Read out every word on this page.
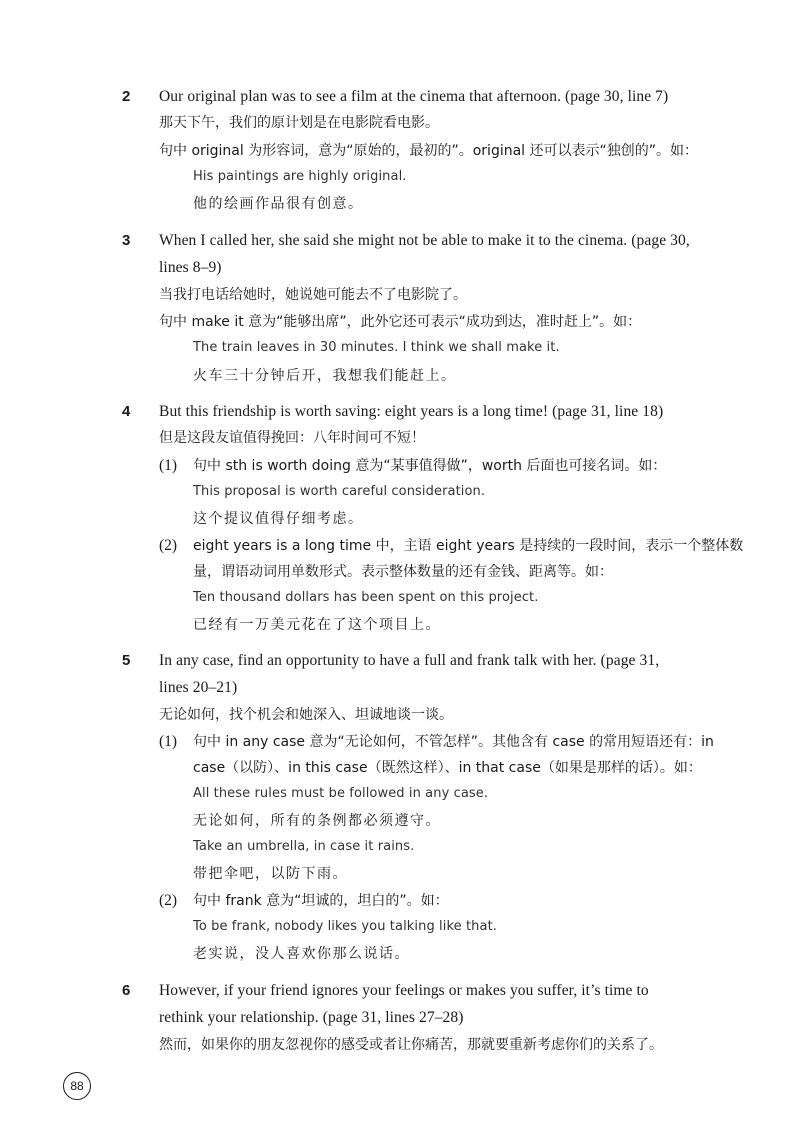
2	Our original plan was to see a film at the cinema that afternoon. (page 30, line 7)
那天下午，我们的原计划是在电影院看电影。
句中 original 为形容词，意为“原始的，最初的”。original 还可以表示“独创的”。如：
His paintings are highly original.
他的绘画作品很有创意。
3	When I called her, she said she might not be able to make it to the cinema. (page 30,
lines 8–9)
当我打电话给她时，她说她可能去不了电影院了。
句中 make it 意为“能够出席”，此外它还可表示“成功到达，准时赶上”。如：
The train leaves in 30 minutes. I think we shall make it.
火车三十分钟后开，我想我们能赶上。
4	But this friendship is worth saving: eight years is a long time! (page 31, line 18)
但是这段友谊值得挽回：八年时间可不短！
(1) 句中 sth is worth doing 意为“某事值得做”，worth 后面也可接名词。如：
This proposal is worth careful consideration.
这个提议值得仔细考虑。
(2) eight years is a long time 中，主语 eight years 是持续的一段时间，表示一个整体数
量，谓语动词用单数形式。表示整体数量的还有金钱、距离等。如：
Ten thousand dollars has been spent on this project.
已经有一万美元花在了这个项目上。
5	In any case, find an opportunity to have a full and frank talk with her. (page 31,
lines 20–21)
无论如何，找个机会和她深入、坦诚地谈一谈。
(1) 句中 in any case 意为“无论如何，不管怎样”。其他含有 case 的常用短语还有：in
case（以防）、in this case（既然这样）、in that case（如果是那样的话）。如：
All these rules must be followed in any case.
无论如何，所有的条例都必须遵守。
Take an umbrella, in case it rains.
带把伞吧，以防下雨。
(2) 句中 frank 意为“坦诚的，坦白的”。如：
To be frank, nobody likes you talking like that.
老实说，没人喜欢你那么说话。
6	However, if your friend ignores your feelings or makes you suffer, it’s time to
rethink your relationship. (page 31, lines 27–28)
然而，如果你的朋友忽视你的感受或者让你痛苦，那就要重新考虑你们的关系了。
88
